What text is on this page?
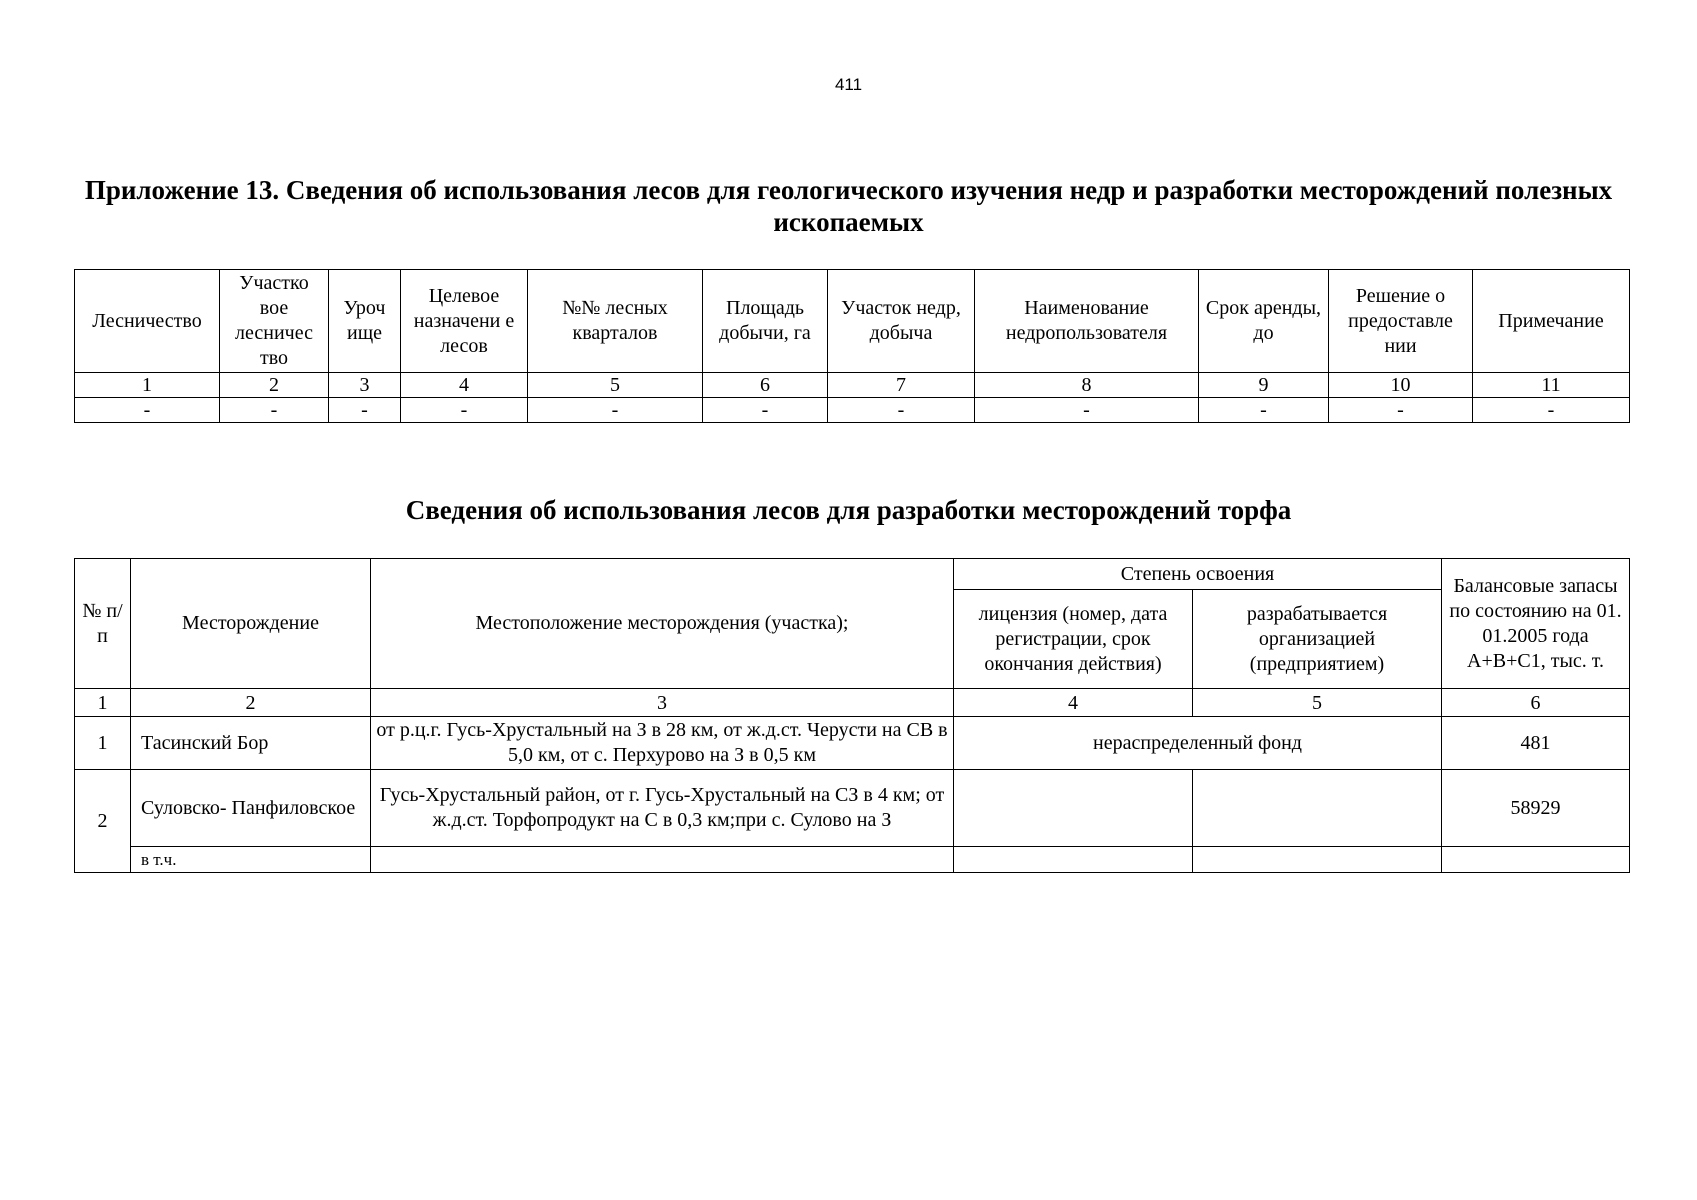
411
Приложение 13. Сведения об использования лесов для геологического изучения недр и разработки месторождений полезных ископаемых
Лесничество	Участко вое лесничес тво	Уроч ище	Целевое назначени е лесов	№№ лесных кварталов	Площадь добычи, га	Участок недр, добыча	Наименование недропользователя	Срок аренды, до	Решение о предоставле нии	Примечание
1	2	3	4	5	6	7	8	9	10	11
-	-	-	-	-	-	-	-	-	-	-
Сведения об использования лесов для разработки месторождений торфа
№ п/п	Месторождение	Местоположение месторождения (участка);	Степень освоения		Балансовые запасы по состоянию на 01. 01.2005 года А+В+С1, тыс. т.
			лицензия (номер, дата регистрации, срок окончания действия)	разрабатывается организацией (предприятием)	
1	2	3	4	5	6
1	Тасинский Бор	от р.ц.г. Гусь-Хрустальный на З в 28 км, от ж.д.ст. Черусти на СВ в 5,0 км, от с. Перхурово на З в 0,5 км	нераспределенный фонд		481
2	Суловско- Панфиловское	Гусь-Хрустальный район, от г. Гусь-Хрустальный на СЗ в 4 км; от ж.д.ст. Торфопродукт на С в 0,3 км;при с. Сулово на З			58929
	в т.ч.				
